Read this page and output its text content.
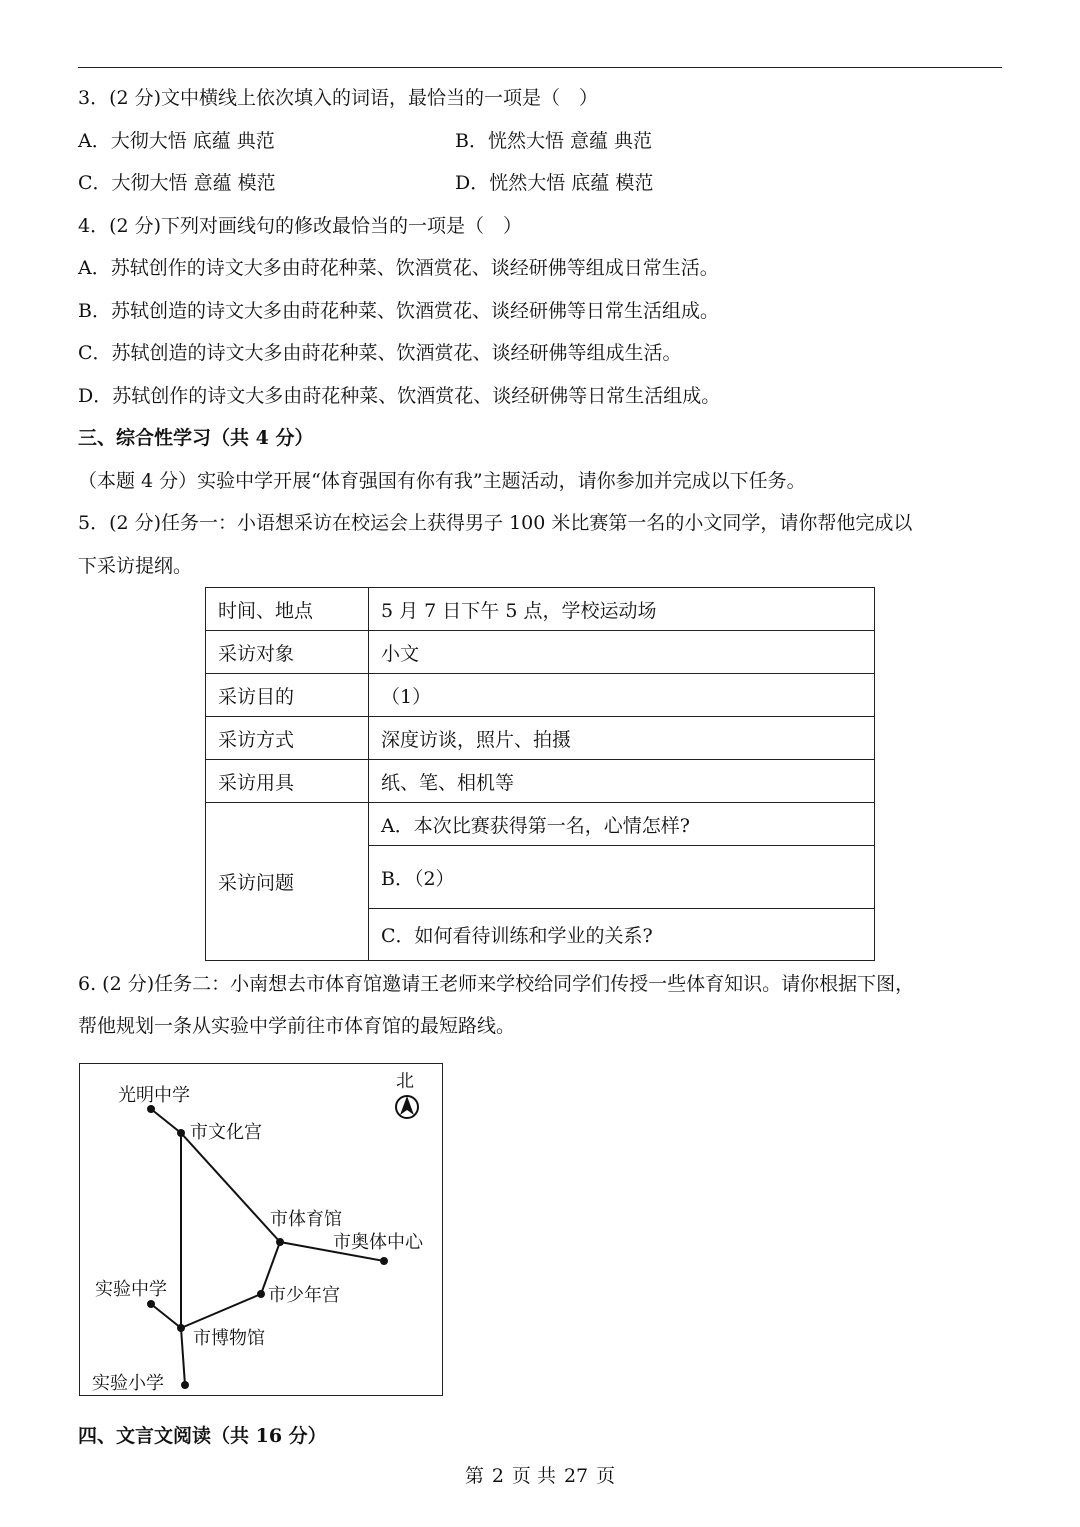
3．(2 分)文中横线上依次填入的词语，最恰当的一项是（　）
A．大彻大悟 底蕴 典范	B．恍然大悟 意蕴 典范
C．大彻大悟 意蕴 模范	D．恍然大悟 底蕴 模范
4．(2 分)下列对画线句的修改最恰当的一项是（　）
A．苏轼创作的诗文大多由莳花种菜、饮酒赏花、谈经研佛等组成日常生活。
B．苏轼创造的诗文大多由莳花种菜、饮酒赏花、谈经研佛等日常生活组成。
C．苏轼创造的诗文大多由莳花种菜、饮酒赏花、谈经研佛等组成生活。
D．苏轼创作的诗文大多由莳花种菜、饮酒赏花、谈经研佛等日常生活组成。
三、综合性学习（共 4 分）
（本题 4 分）实验中学开展“体育强国有你有我”主题活动，请你参加并完成以下任务。
5．(2 分)任务一：小语想采访在校运会上获得男子 100 米比赛第一名的小文同学，请你帮他完成以
下采访提纲。
时间、地点	5 月 7 日下午 5 点，学校运动场
采访对象	小文
采访目的	（1）
采访方式	深度访谈，照片、拍摄
采访用具	纸、笔、相机等
采访问题	A．本次比赛获得第一名，心情怎样?
	B．（2）
	C．如何看待训练和学业的关系?
6. (2 分)任务二：小南想去市体育馆邀请王老师来学校给同学们传授一些体育知识。请你根据下图，
帮他规划一条从实验中学前往市体育馆的最短路线。
光明中学
市文化宫
市体育馆
市奥体中心
实验中学	市少年宫
市博物馆
实验小学
北
四、文言文阅读（共 16 分）
第 2 页 共 27 页
